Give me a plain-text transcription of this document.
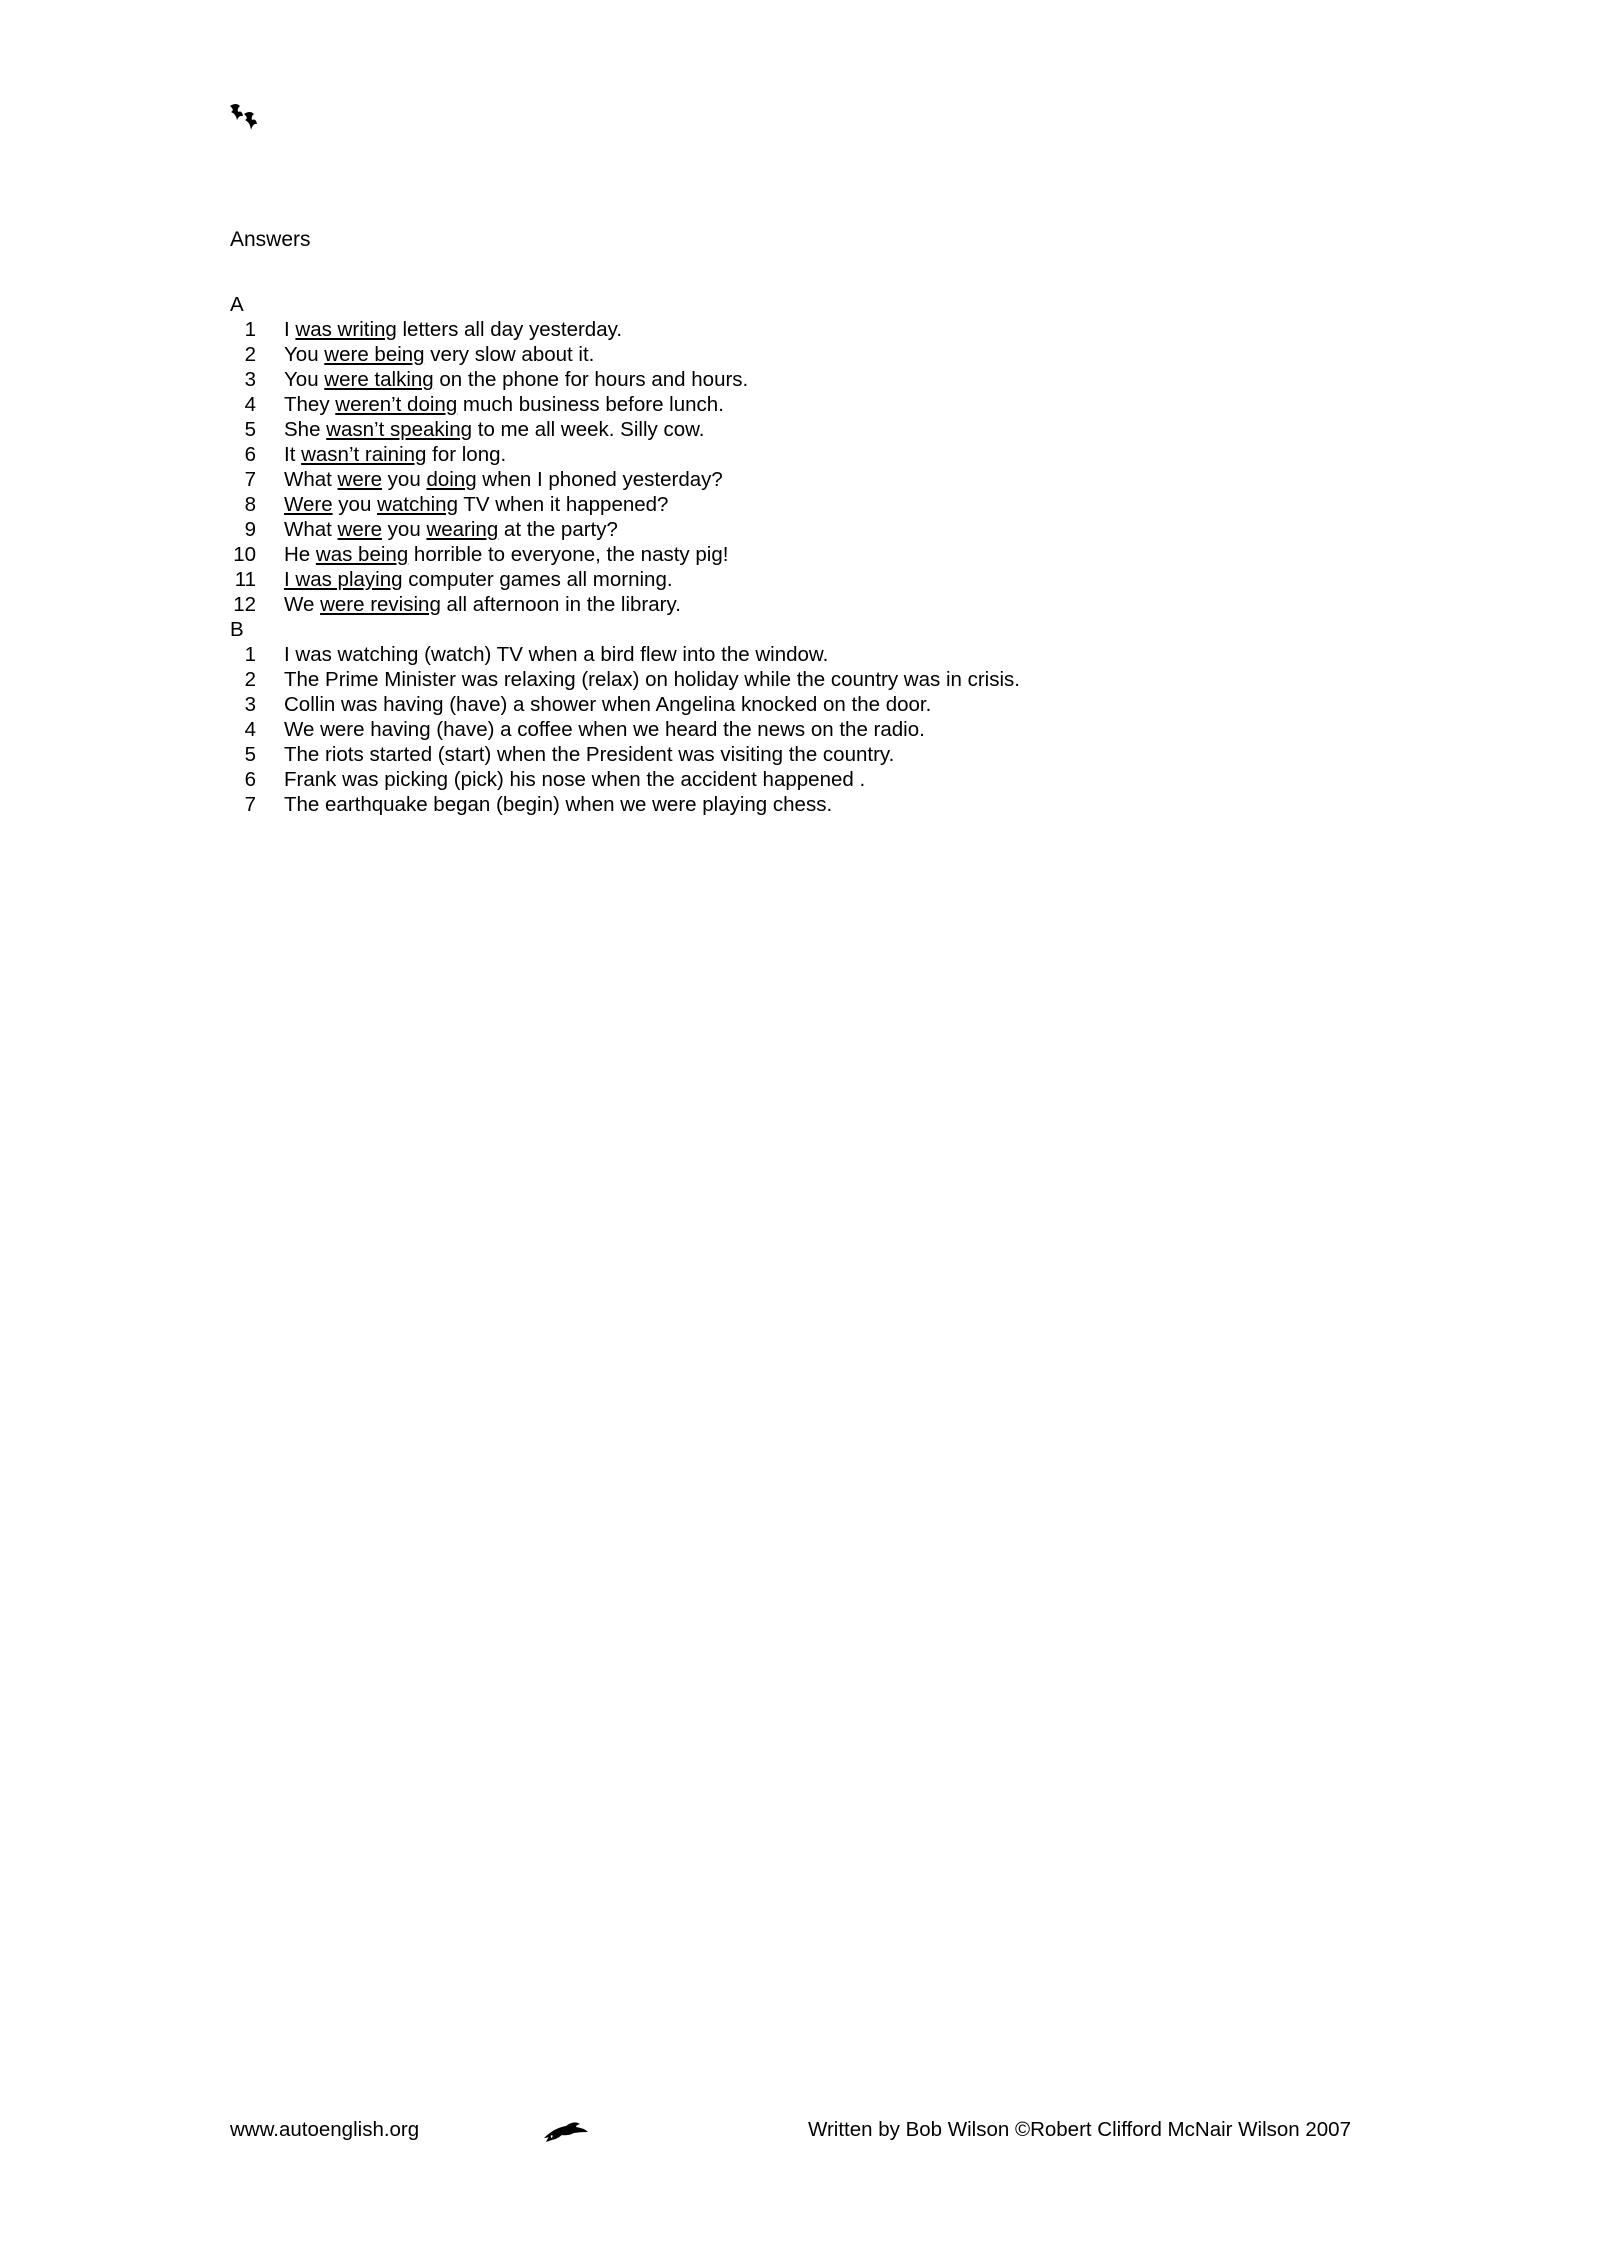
Answers
A
1 I was writing letters all day yesterday.
2 You were being very slow about it.
3 You were talking on the phone for hours and hours.
4 They weren’t doing much business before lunch.
5 She wasn’t speaking to me all week. Silly cow.
6 It wasn’t raining for long.
7 What were you doing when I phoned yesterday?
8 Were you watching TV when it happened?
9 What were you wearing at the party?
10 He was being horrible to everyone, the nasty pig!
11 I was playing computer games all morning.
12 We were revising all afternoon in the library.
B
1 I was watching (watch) TV when a bird flew into the window.
2 The Prime Minister was relaxing (relax) on holiday while the country was in crisis.
3 Collin was having (have) a shower when Angelina knocked on the door.
4 We were having (have) a coffee when we heard the news on the radio.
5 The riots started (start) when the President was visiting the country.
6 Frank was picking (pick) his nose when the accident happened .
7 The earthquake began (begin) when we were playing chess.
www.autoenglish.org	Written by Bob Wilson ©Robert Clifford McNair Wilson 2007
